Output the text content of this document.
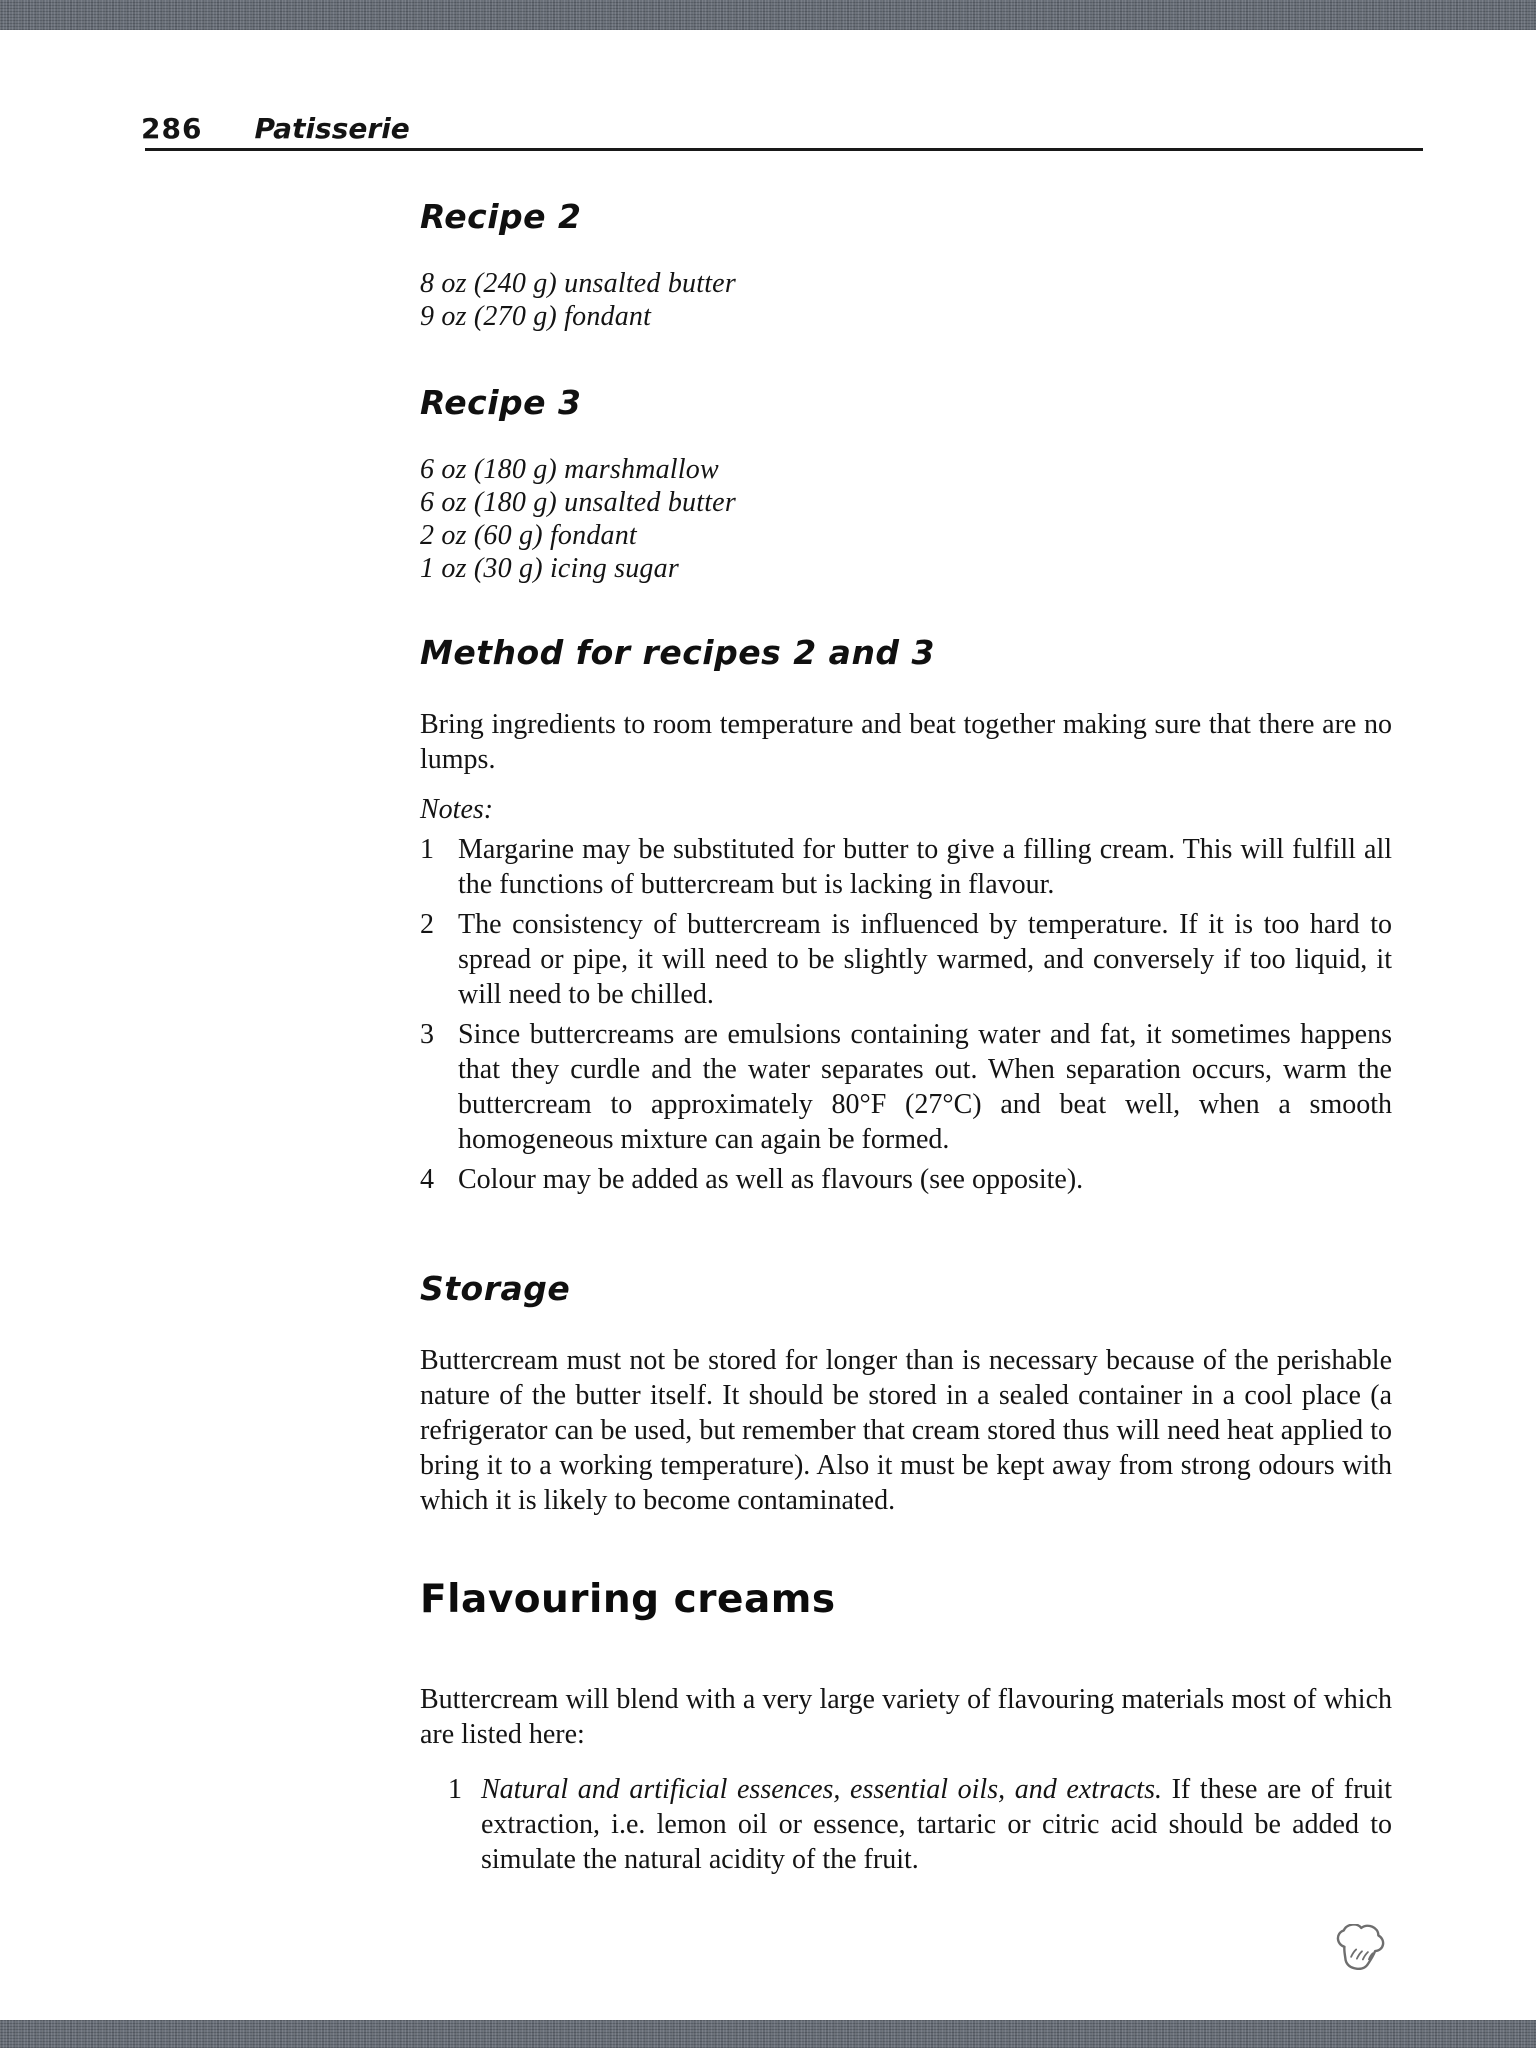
286 Patisserie
Recipe 2

8 oz (240 g) unsalted butter

9 oz (270 g) fondant

Recipe 3

6 oz (180 g) marshmallow

6 oz (180 g) unsalted butter

2 oz (60 g) fondant

1 oz (30 g) icing sugar

Method for recipes 2 and 3

Bring ingredients to room temperature and beat together making sure that there are no lumps.

Notes:

1 Margarine may be substituted for butter to give a filling cream. This will fulfill all the functions of buttercream but is lacking in flavour.
2 The consistency of buttercream is influenced by temperature. If it is too hard to spread or pipe, it will need to be slightly warmed, and conversely if too liquid, it will need to be chilled.
3 Since buttercreams are emulsions containing water and fat, it sometimes happens that they curdle and the water separates out. When separation occurs, warm the buttercream to approximately 80°F (27°C) and beat well, when a smooth homogeneous mixture can again be formed.
4 Colour may be added as well as flavours (see opposite).
Storage

Buttercream must not be stored for longer than is necessary because of the perishable nature of the butter itself. It should be stored in a sealed container in a cool place (a refrigerator can be used, but remember that cream stored thus will need heat applied to bring it to a working temperature). Also it must be kept away from strong odours with which it is likely to become contaminated.

Flavouring creams

Buttercream will blend with a very large variety of flavouring materials most of which are listed here:

1 Natural and artificial essences, essential oils, and extracts. If these are of fruit extraction, i.e. lemon oil or essence, tartaric or citric acid should be added to simulate the natural acidity of the fruit.
